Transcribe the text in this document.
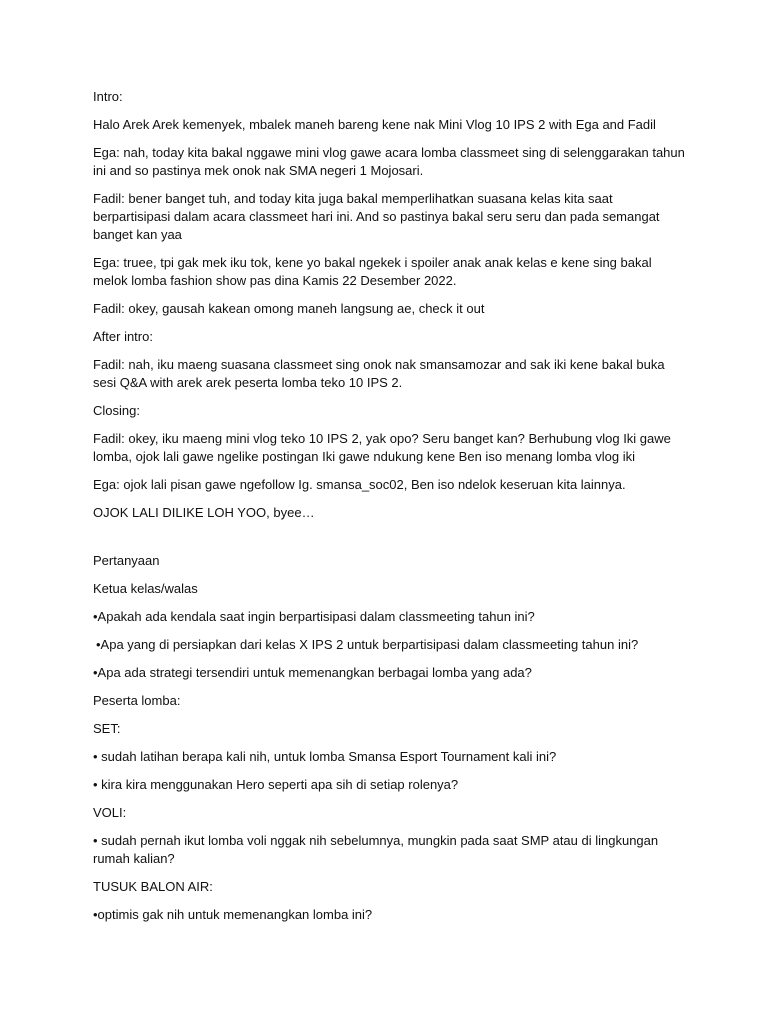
Intro:

Halo Arek Arek kemenyek, mbalek maneh bareng kene nak Mini Vlog 10 IPS 2 with Ega and Fadil

Ega: nah, today kita bakal nggawe mini vlog gawe acara lomba classmeet sing di selenggarakan tahun ini and so pastinya mek onok nak SMA negeri 1 Mojosari.

Fadil: bener banget tuh, and today kita juga bakal memperlihatkan suasana kelas kita saat berpartisipasi dalam acara classmeet hari ini. And so pastinya bakal seru seru dan pada semangat banget kan yaa

Ega: truee, tpi gak mek iku tok, kene yo bakal ngekek i spoiler anak anak kelas e kene sing bakal melok lomba fashion show pas dina Kamis 22 Desember 2022.

Fadil: okey, gausah kakean omong maneh langsung ae, check it out

After intro:

Fadil: nah, iku maeng suasana classmeet sing onok nak smansamozar and sak iki kene bakal buka sesi Q&A with arek arek peserta lomba teko 10 IPS 2.

Closing:

Fadil: okey, iku maeng mini vlog teko 10 IPS 2, yak opo? Seru banget kan? Berhubung vlog Iki gawe lomba, ojok lali gawe ngelike postingan Iki gawe ndukung kene Ben iso menang lomba vlog iki

Ega: ojok lali pisan gawe ngefollow Ig. smansa_soc02, Ben iso ndelok keseruan kita lainnya.

OJOK LALI DILIKE LOH YOO, byee…

Pertanyaan

Ketua kelas/walas

•Apakah ada kendala saat ingin berpartisipasi dalam classmeeting tahun ini?

•Apa yang di persiapkan dari kelas X IPS 2 untuk berpartisipasi dalam classmeeting tahun ini?

•Apa ada strategi tersendiri untuk memenangkan berbagai lomba yang ada?

Peserta lomba:

SET:

• sudah latihan berapa kali nih, untuk lomba Smansa Esport Tournament kali ini?

• kira kira menggunakan Hero seperti apa sih di setiap rolenya?

VOLI:

• sudah pernah ikut lomba voli nggak nih sebelumnya, mungkin pada saat SMP atau di lingkungan rumah kalian?

TUSUK BALON AIR:

•optimis gak nih untuk memenangkan lomba ini?
